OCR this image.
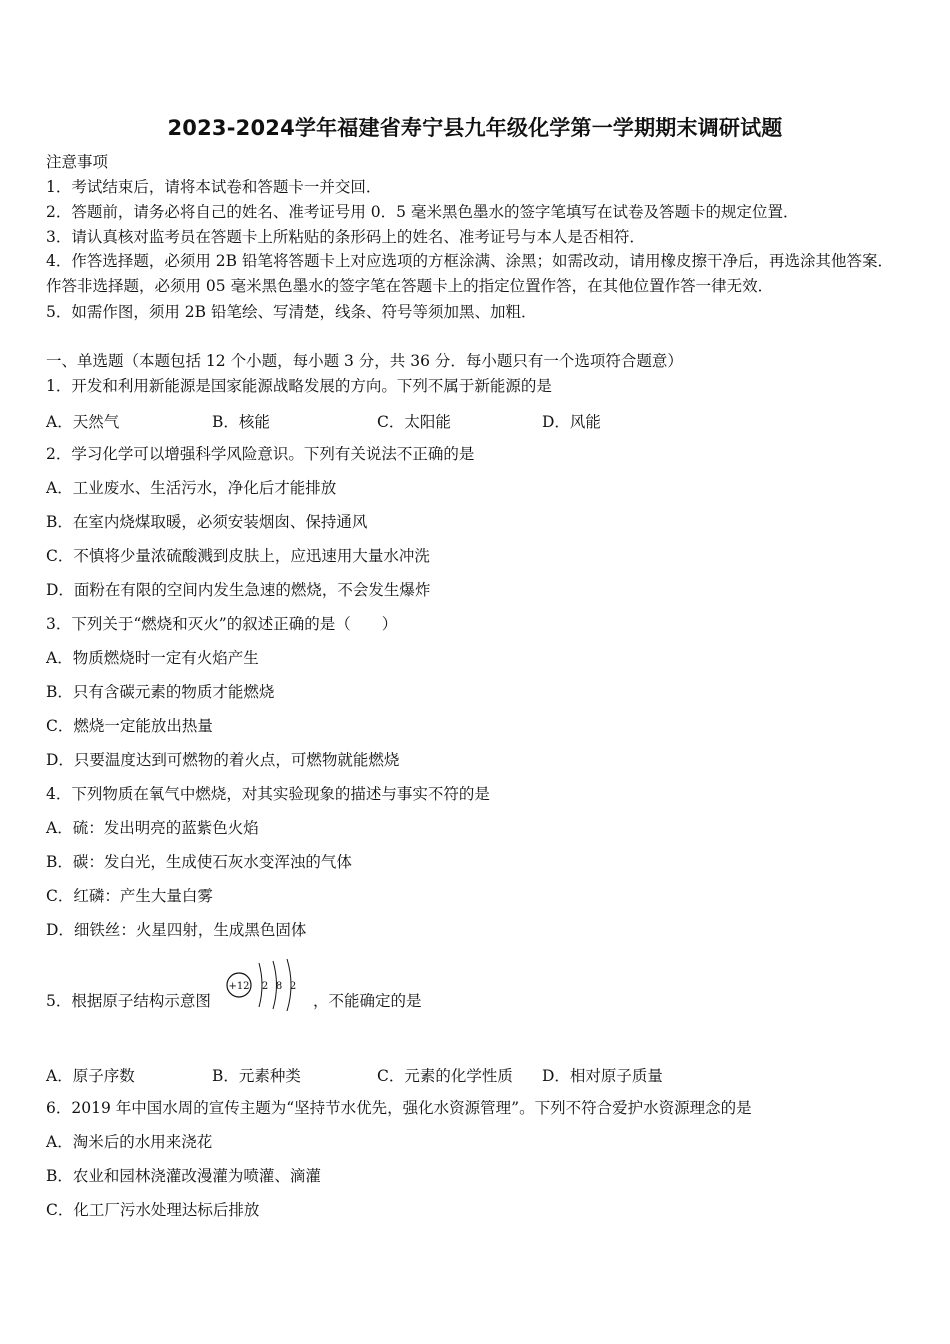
2023-2024学年福建省寿宁县九年级化学第一学期期末调研试题
注意事项
1．考试结束后，请将本试卷和答题卡一并交回．
2．答题前，请务必将自己的姓名、准考证号用 0．5 毫米黑色墨水的签字笔填写在试卷及答题卡的规定位置．
3．请认真核对监考员在答题卡上所粘贴的条形码上的姓名、准考证号与本人是否相符．
4．作答选择题，必须用 2B 铅笔将答题卡上对应选项的方框涂满、涂黑；如需改动，请用橡皮擦干净后，再选涂其他答案．作答非选择题，必须用 05 毫米黑色墨水的签字笔在答题卡上的指定位置作答，在其他位置作答一律无效．
5．如需作图，须用 2B 铅笔绘、写清楚，线条、符号等须加黑、加粗．
一、单选题（本题包括 12 个小题，每小题 3 分，共 36 分．每小题只有一个选项符合题意）
1．开发和利用新能源是国家能源战略发展的方向。下列不属于新能源的是
A．天然气	B．核能	C．太阳能	D．风能
2．学习化学可以增强科学风险意识。下列有关说法不正确的是
A．工业废水、生活污水，净化后才能排放
B．在室内烧煤取暖，必须安装烟囱、保持通风
C．不慎将少量浓硫酸溅到皮肤上，应迅速用大量水冲洗
D．面粉在有限的空间内发生急速的燃烧，不会发生爆炸
3．下列关于“燃烧和灭火”的叙述正确的是（　　）
A．物质燃烧时一定有火焰产生
B．只有含碳元素的物质才能燃烧
C．燃烧一定能放出热量
D．只要温度达到可燃物的着火点，可燃物就能燃烧
4．下列物质在氧气中燃烧，对其实验现象的描述与事实不符的是
A．硫：发出明亮的蓝紫色火焰
B．碳：发白光，生成使石灰水变浑浊的气体
C．红磷：产生大量白雾
D．细铁丝：火星四射，生成黑色固体
5．根据原子结构示意图
+12 2 8 2
，不能确定的是
A．原子序数	B．元素种类	C．元素的化学性质 D．相对原子质量
6．2019 年中国水周的宣传主题为“坚持节水优先，强化水资源管理”。下列不符合爱护水资源理念的是
A．淘米后的水用来浇花
B．农业和园林浇灌改漫灌为喷灌、滴灌
C．化工厂污水处理达标后排放
